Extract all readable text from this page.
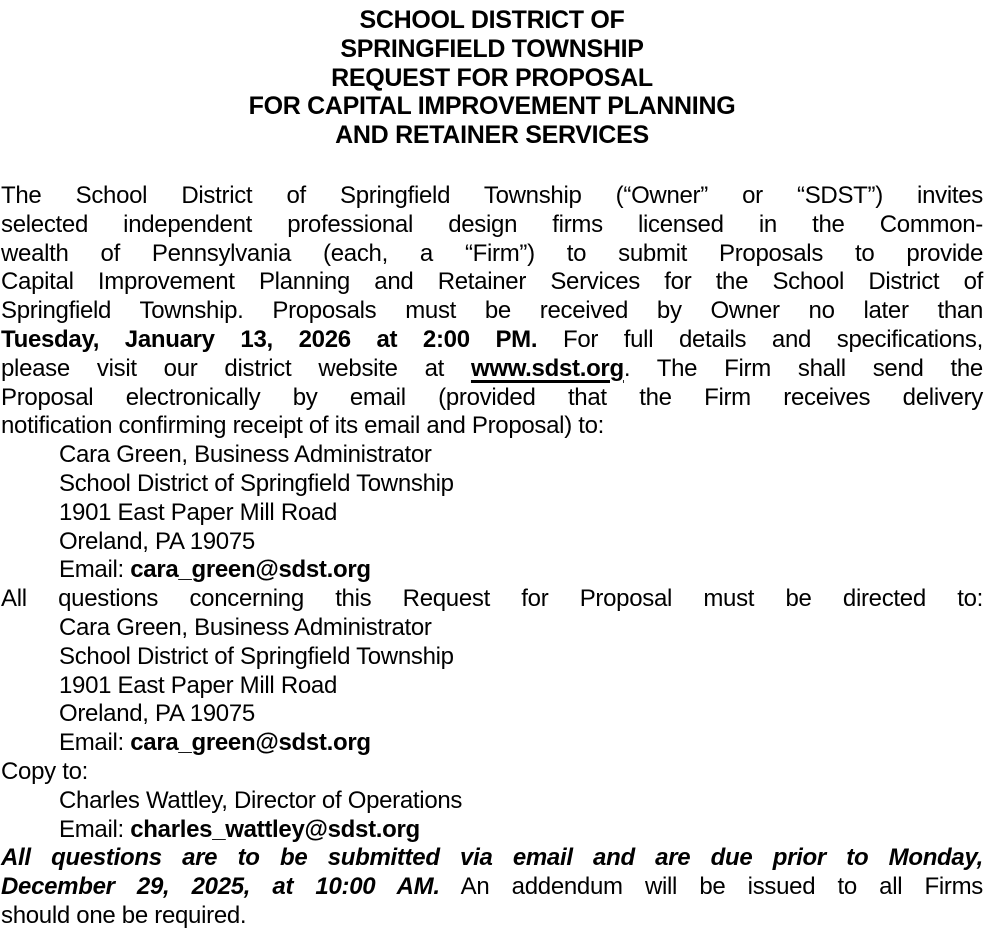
SCHOOL DISTRICT OF
SPRINGFIELD TOWNSHIP
REQUEST FOR PROPOSAL
FOR CAPITAL IMPROVEMENT PLANNING
AND RETAINER SERVICES
The School District of Springfield Township (“Owner” or “SDST”) invites
selected independent professional design firms licensed in the Common-
wealth of Pennsylvania (each, a “Firm”) to submit Proposals to provide
Capital Improvement Planning and Retainer Services for the School District of
Springfield Township. Proposals must be received by Owner no later than
Tuesday, January 13, 2026 at 2:00 PM. For full details and specifications,
please visit our district website at www.sdst.org. The Firm shall send the
Proposal electronically by email (provided that the Firm receives delivery
notification confirming receipt of its email and Proposal) to:
Cara Green, Business Administrator
School District of Springfield Township
1901 East Paper Mill Road
Oreland, PA 19075
Email: cara_green@sdst.org
All questions concerning this Request for Proposal must be directed to:
Cara Green, Business Administrator
School District of Springfield Township
1901 East Paper Mill Road
Oreland, PA 19075
Email: cara_green@sdst.org
Copy to:
Charles Wattley, Director of Operations
Email: charles_wattley@sdst.org
All questions are to be submitted via email and are due prior to Monday,
December 29, 2025, at 10:00 AM. An addendum will be issued to all Firms
should one be required.
